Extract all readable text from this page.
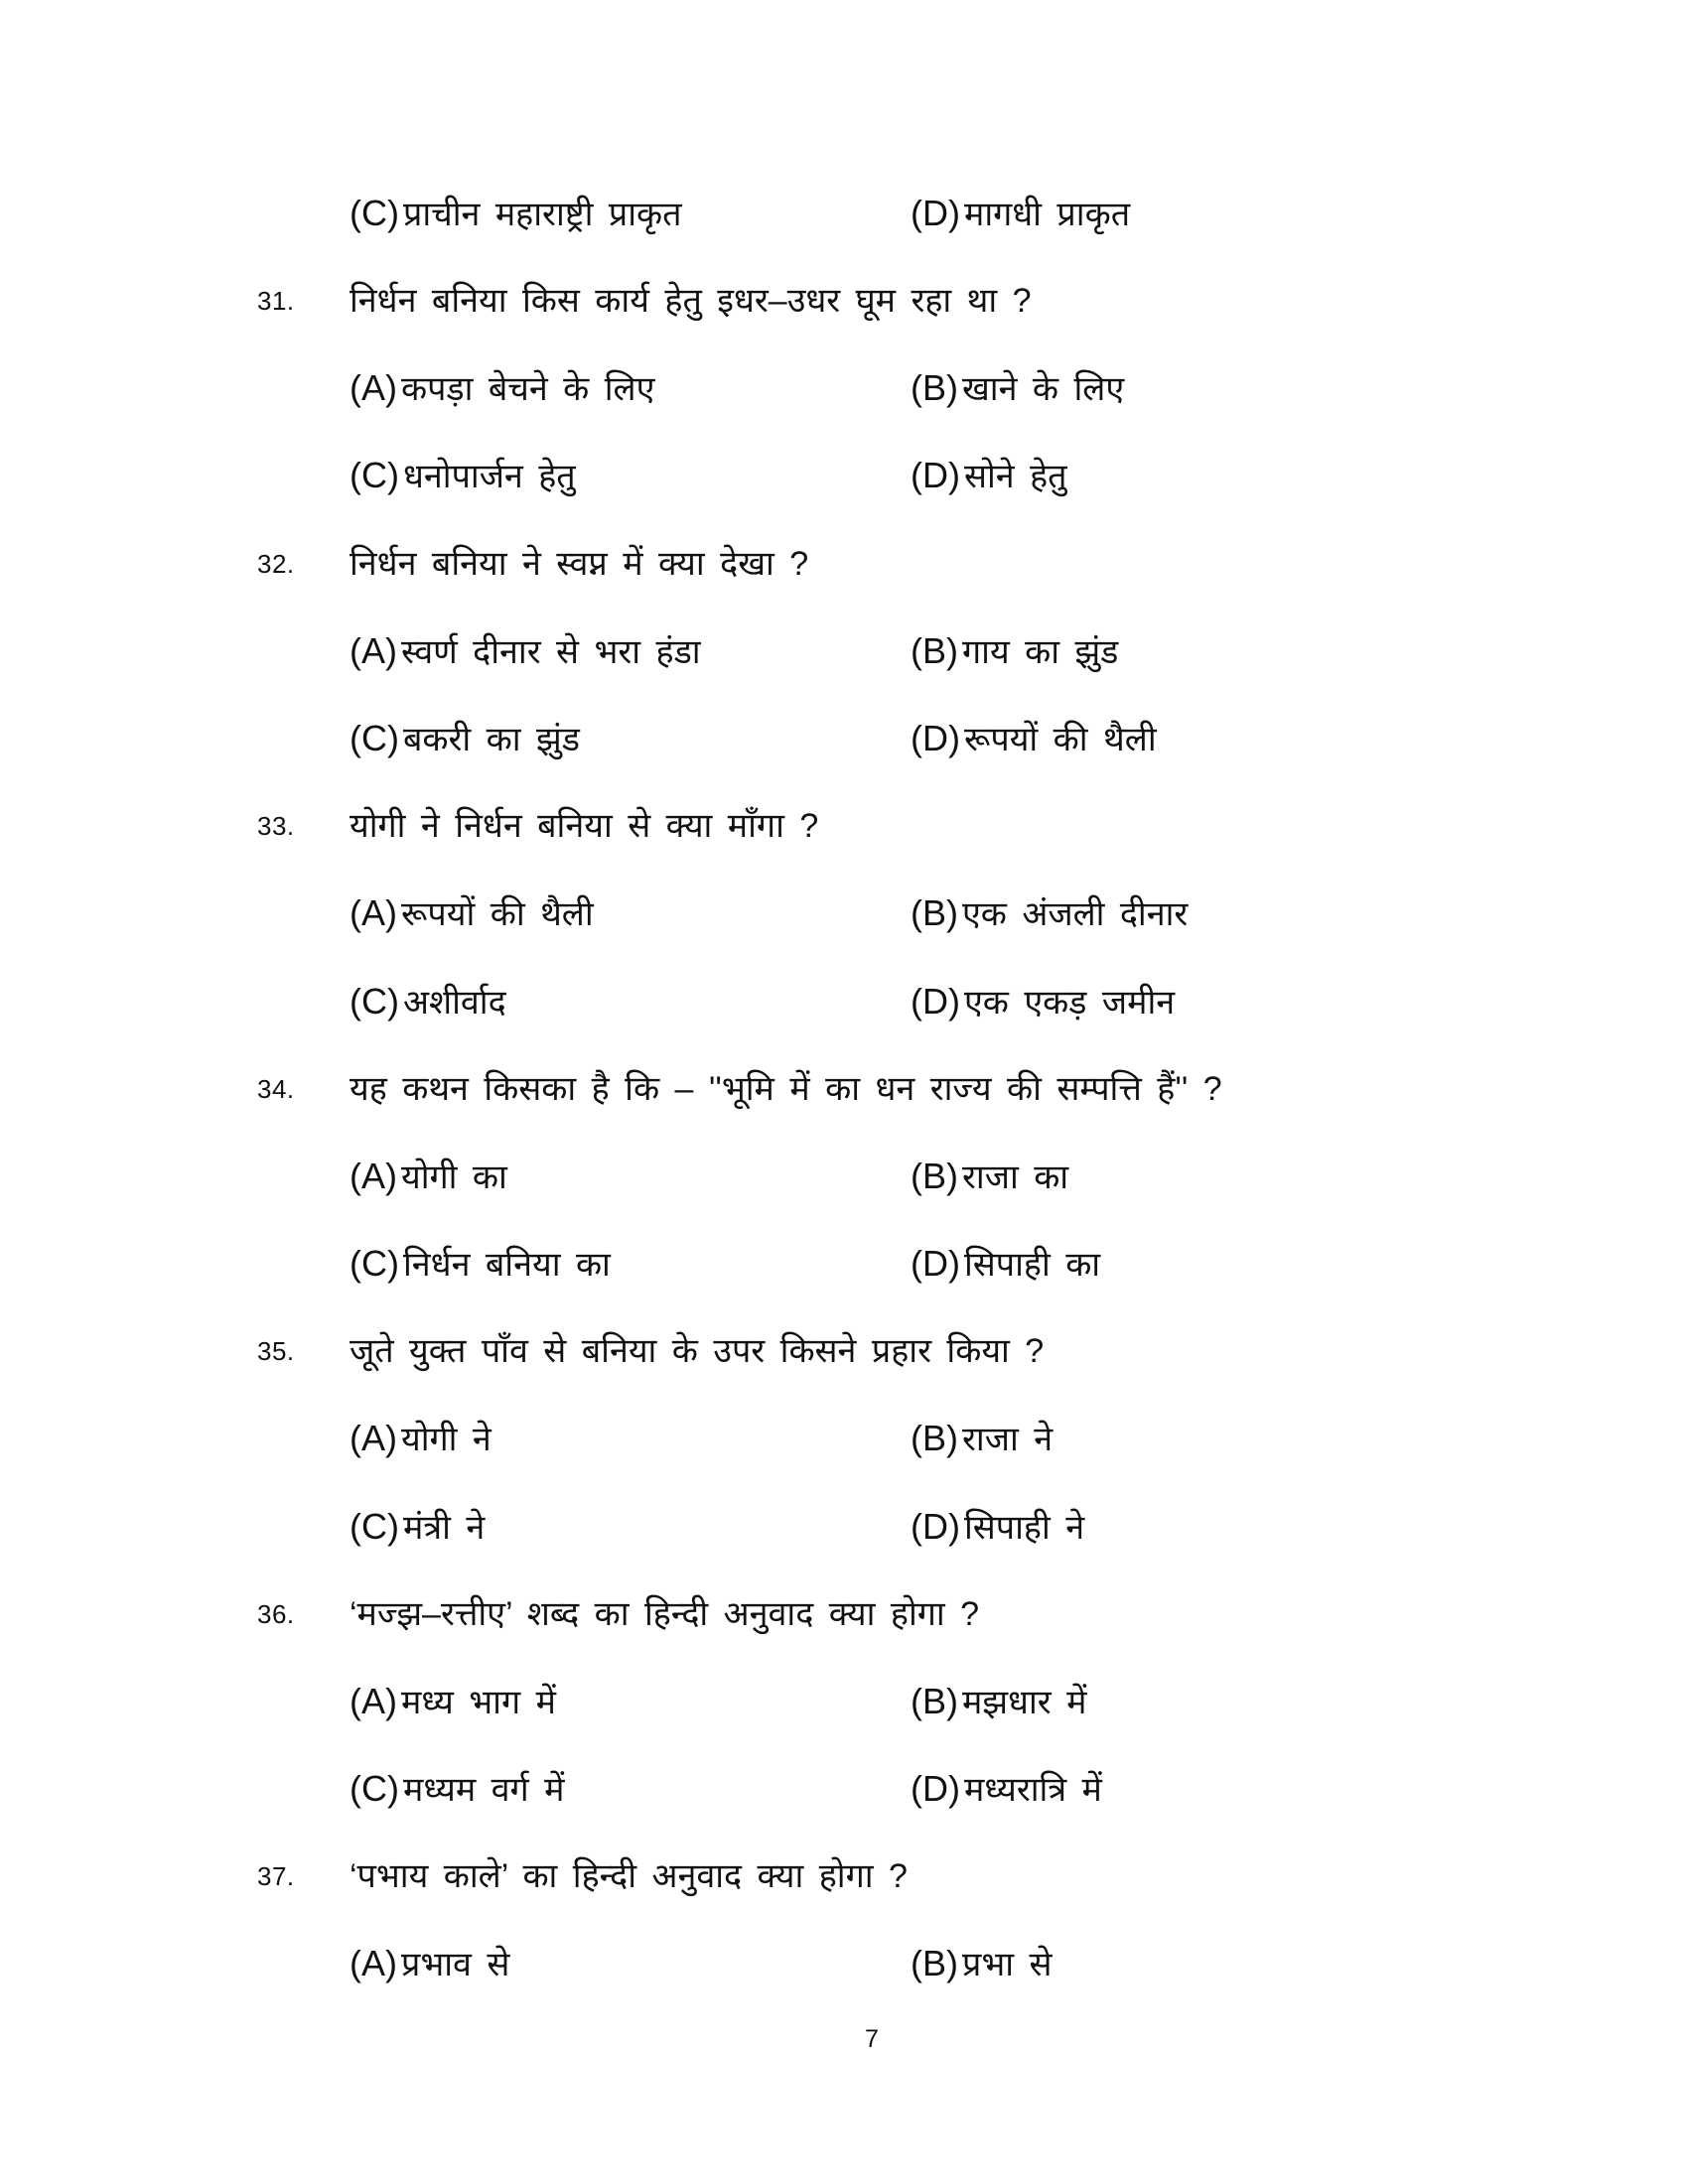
(C) प्राचीन महाराष्ट्री प्राकृत	(D) मागधी प्राकृत
31. निर्धन बनिया किस कार्य हेतु इधर–उधर घूम रहा था ?
(A) कपड़ा बेचने के लिए	(B) खाने के लिए
(C) धनोपार्जन हेतु	(D) सोने हेतु
32. निर्धन बनिया ने स्वप्न में क्या देखा ?
(A) स्वर्ण दीनार से भरा हंडा	(B) गाय का झुंड
(C) बकरी का झुंड	(D) रूपयों की थैली
33. योगी ने निर्धन बनिया से क्या माँगा ?
(A) रूपयों की थैली	(B) एक अंजली दीनार
(C) अशीर्वाद	(D) एक एकड़ जमीन
34. यह कथन किसका है कि – ''भूमि में का धन राज्य की सम्पत्ति हैं'' ?
(A) योगी का	(B) राजा का
(C) निर्धन बनिया का	(D) सिपाही का
35. जूते युक्त पाँव से बनिया के उपर किसने प्रहार किया ?
(A) योगी ने	(B) राजा ने
(C) मंत्री ने	(D) सिपाही ने
36. ‘मज्झ–रत्तीए’ शब्द का हिन्दी अनुवाद क्या होगा ?
(A) मध्य भाग में	(B) मझधार में
(C) मध्यम वर्ग में	(D) मध्यरात्रि में
37. ‘पभाय काले’ का हिन्दी अनुवाद क्या होगा ?
(A) प्रभाव से	(B) प्रभा से
7
